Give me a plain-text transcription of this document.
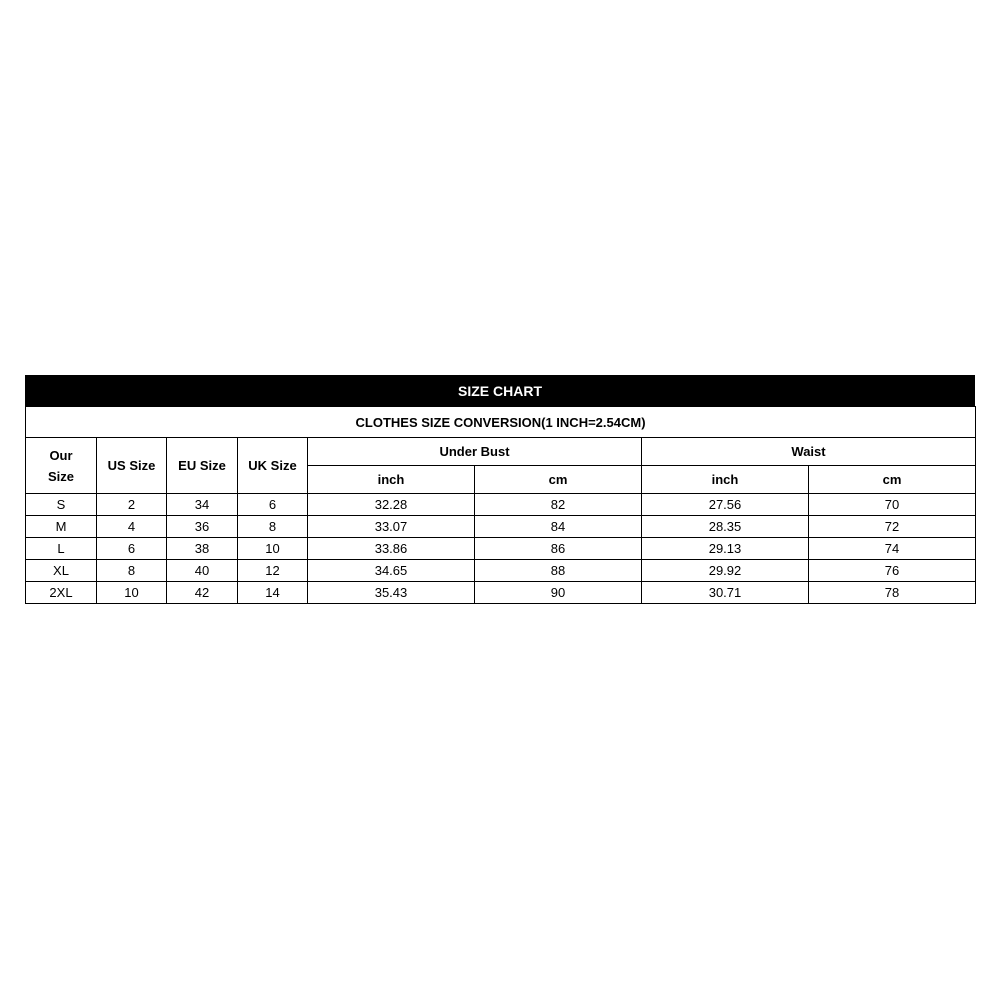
SIZE CHART
CLOTHES SIZE CONVERSION(1 INCH=2.54CM)							
Our
Size	US Size	EU Size	UK Size	Under Bust		Waist	
				inch	cm	inch	cm
S	2	34	6	32.28	82	27.56	70
M	4	36	8	33.07	84	28.35	72
L	6	38	10	33.86	86	29.13	74
XL	8	40	12	34.65	88	29.92	76
2XL	10	42	14	35.43	90	30.71	78
